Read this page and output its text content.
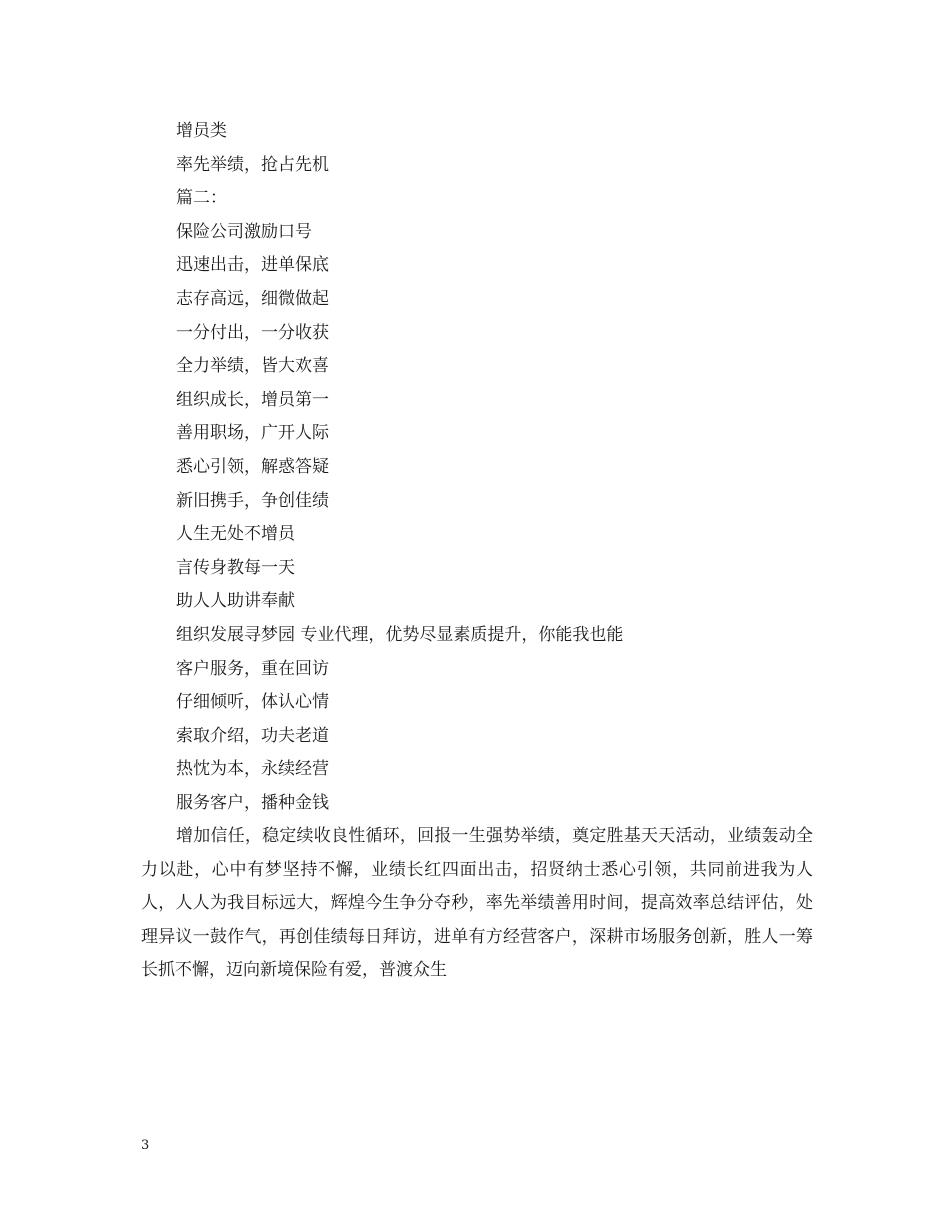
增员类
率先举绩，抢占先机
篇二：
保险公司激励口号
迅速出击，进单保底
志存高远，细微做起
一分付出，一分收获
全力举绩，皆大欢喜
组织成长，增员第一
善用职场，广开人际
悉心引领，解惑答疑
新旧携手，争创佳绩
人生无处不增员
言传身教每一天
助人人助讲奉献
组织发展寻梦园 专业代理，优势尽显素质提升，你能我也能
客户服务，重在回访
仔细倾听，体认心情
索取介绍，功夫老道
热忱为本，永续经营
服务客户，播种金钱

增加信任，稳定续收良性循环，回报一生强势举绩，奠定胜基天天活动，业绩轰动全力以赴，心中有梦坚持不懈，业绩长红四面出击，招贤纳士悉心引领，共同前进我为人人，人人为我目标远大，辉煌今生争分夺秒，率先举绩善用时间，提高效率总结评估，处理异议一鼓作气，再创佳绩每日拜访，进单有方经营客户，深耕市场服务创新，胜人一筹长抓不懈，迈向新境保险有爱，普渡众生

3
